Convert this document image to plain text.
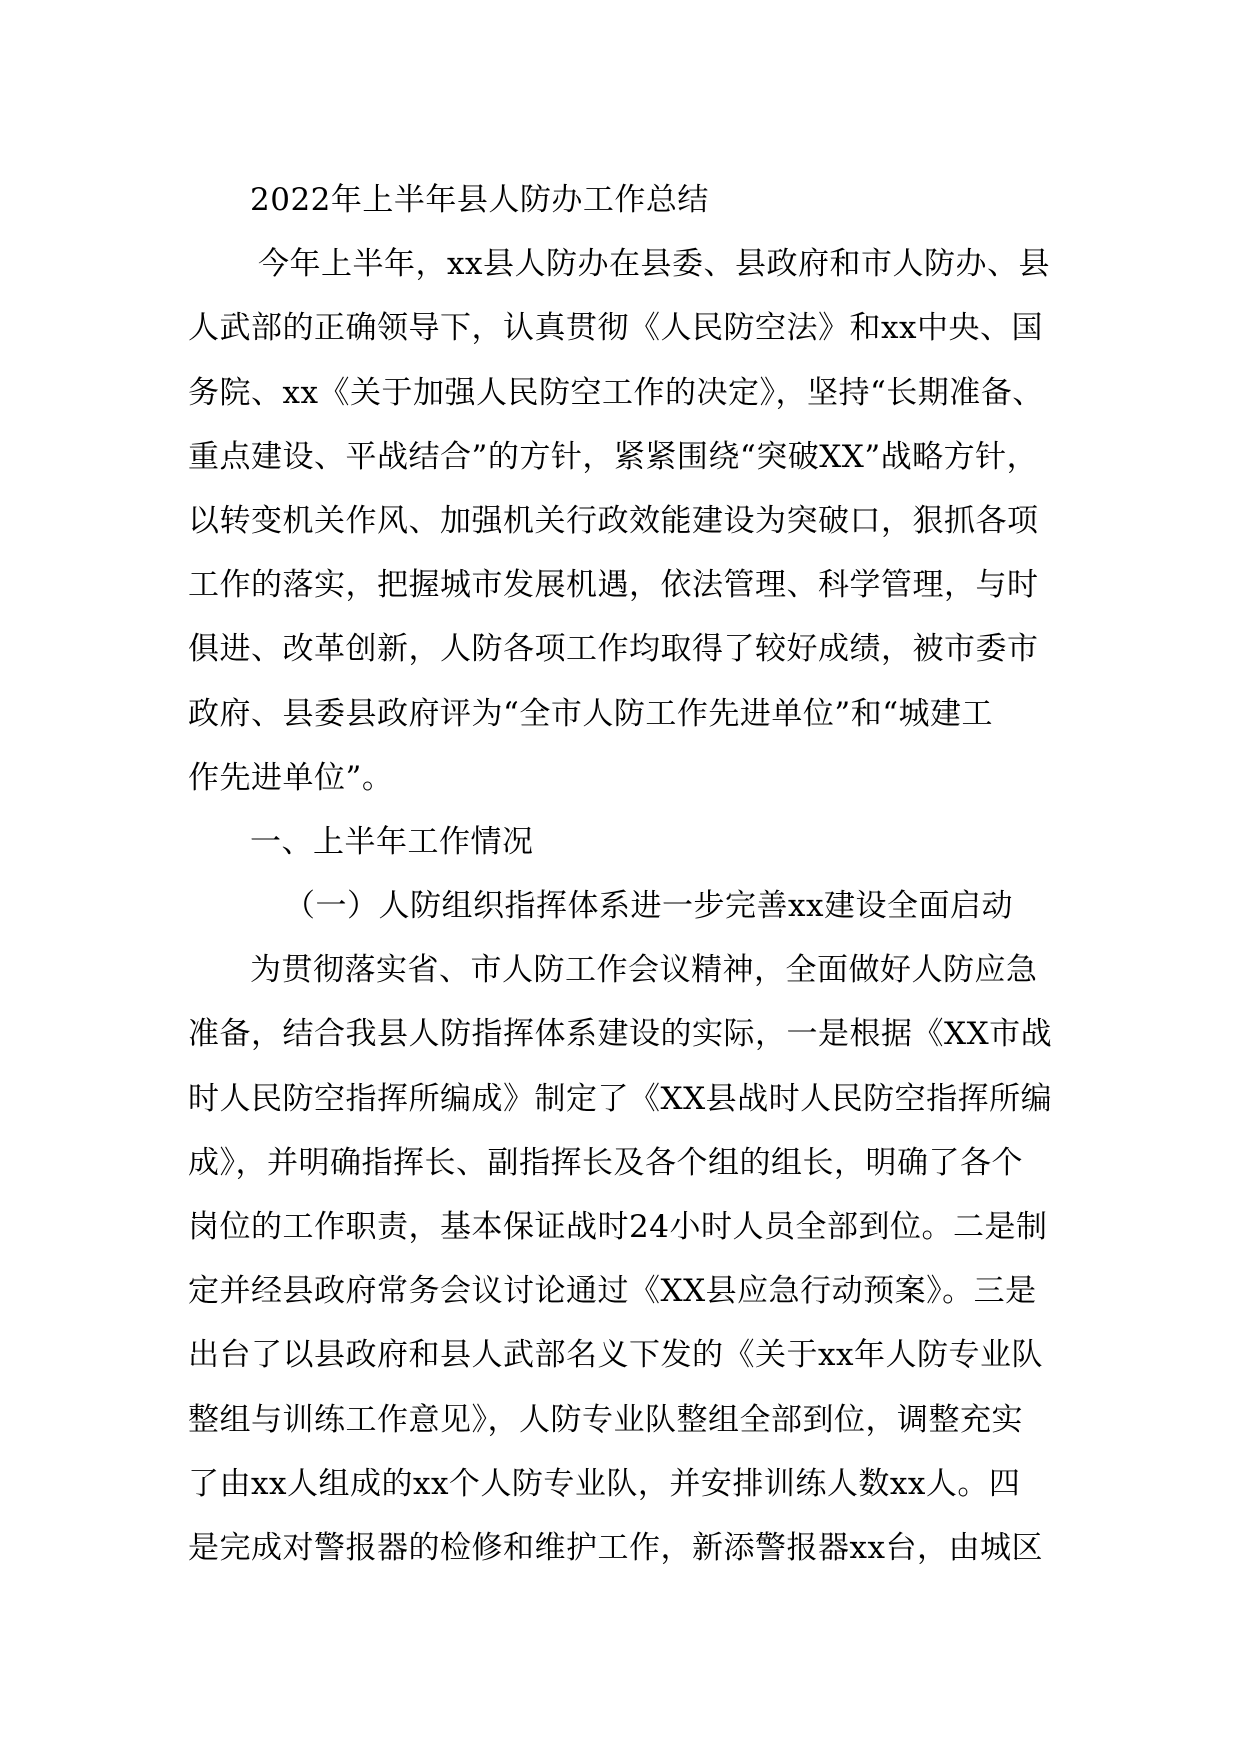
2022年上半年县人防办工作总结
今年上半年，xx县人防办在县委、县政府和市人防办、县
人武部的正确领导下，认真贯彻《人民防空法》和xx中央、国
务院、xx《关于加强人民防空工作的决定》，坚持“长期准备、
重点建设、平战结合”的方针，紧紧围绕“突破XX”战略方针，
以转变机关作风、加强机关行政效能建设为突破口，狠抓各项
工作的落实，把握城市发展机遇，依法管理、科学管理，与时
俱进、改革创新，人防各项工作均取得了较好成绩，被市委市
政府、县委县政府评为“全市人防工作先进单位”和“城建工
作先进单位”。
一、上半年工作情况
（一）人防组织指挥体系进一步完善xx建设全面启动
为贯彻落实省、市人防工作会议精神，全面做好人防应急
准备，结合我县人防指挥体系建设的实际，一是根据《XX市战
时人民防空指挥所编成》制定了《XX县战时人民防空指挥所编
成》，并明确指挥长、副指挥长及各个组的组长，明确了各个
岗位的工作职责，基本保证战时24小时人员全部到位。二是制
定并经县政府常务会议讨论通过《XX县应急行动预案》。三是
出台了以县政府和县人武部名义下发的《关于xx年人防专业队
整组与训练工作意见》，人防专业队整组全部到位，调整充实
了由xx人组成的xx个人防专业队，并安排训练人数xx人。四
是完成对警报器的检修和维护工作，新添警报器xx台，由城区
